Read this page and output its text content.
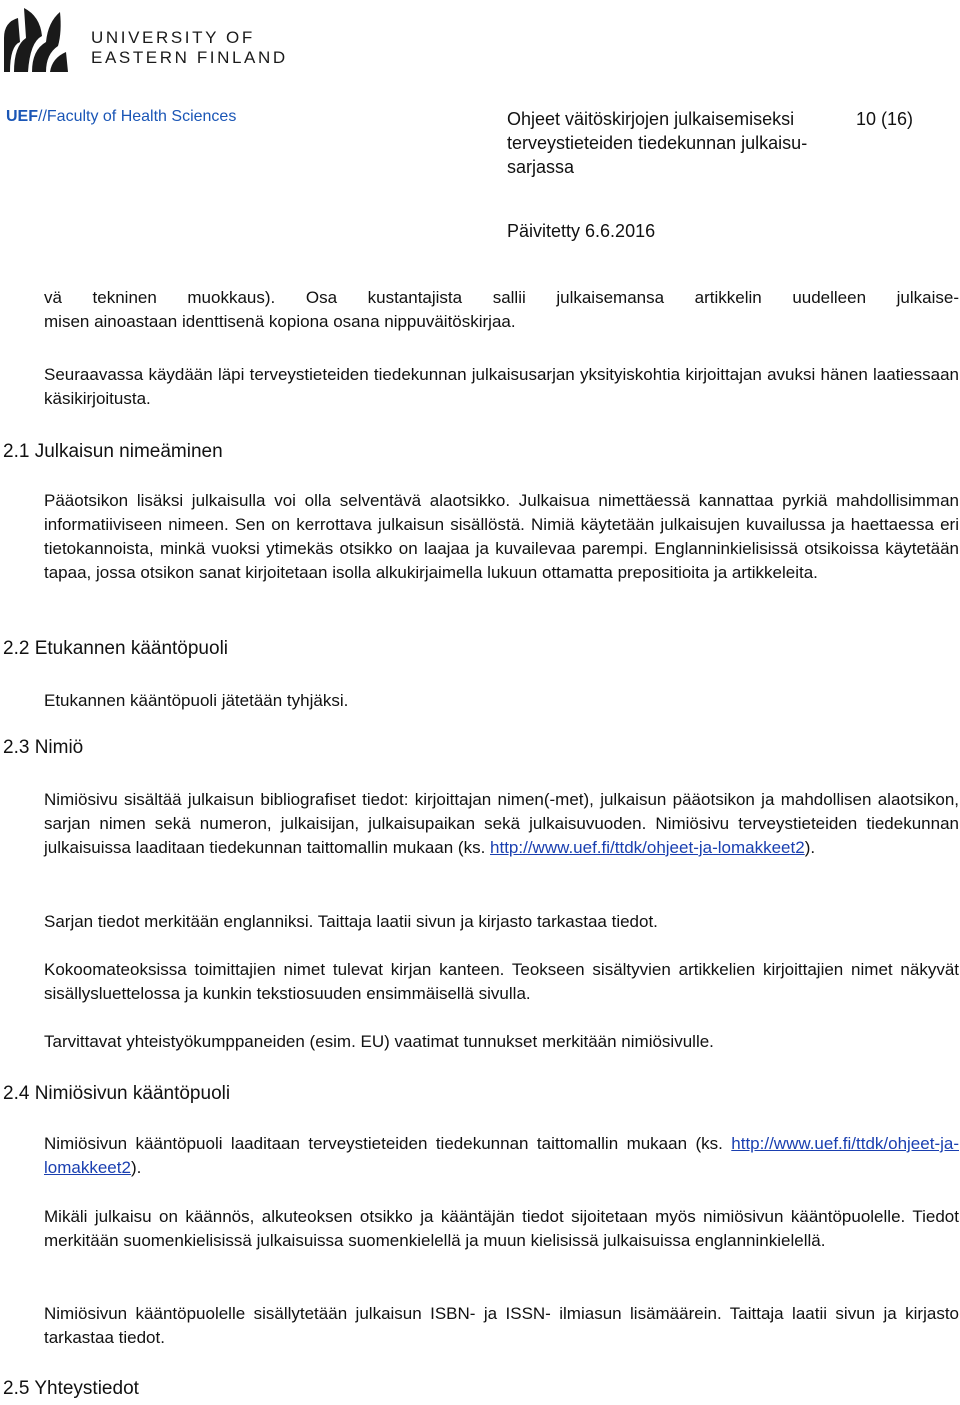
UNIVERSITY OF
EASTERN FINLAND
UEF//Faculty of Health Sciences	Ohjeet väitöskirjojen julkaisemiseksi
terveystieteiden tiedekunnan julkaisu-
sarjassa
10 (16)
Päivitetty 6.6.2016
vä tekninen muokkaus). Osa kustantajista sallii julkaisemansa artikkelin uudelleen julkaise-
misen ainoastaan identtisenä kopiona osana nippuväitöskirjaa.

Seuraavassa käydään läpi terveystieteiden tiedekunnan julkaisusarjan yksityiskohtia kirjoittajan avuksi hänen laatiessaan käsikirjoitusta.

2.1 Julkaisun nimeäminen

Pääotsikon lisäksi julkaisulla voi olla selventävä alaotsikko. Julkaisua nimettäessä kannattaa pyrkiä mahdollisimman informatiiviseen nimeen. Sen on kerrottava julkaisun sisällöstä. Nimiä käytetään julkaisujen kuvailussa ja haettaessa eri tietokannoista, minkä vuoksi ytimekäs otsikko on laajaa ja kuvailevaa parempi. Englanninkielisissä otsikoissa käytetään tapaa, jossa otsikon sanat kirjoitetaan isolla alkukirjaimella lukuun ottamatta prepositioita ja artikkeleita.

2.2 Etukannen kääntöpuoli

Etukannen kääntöpuoli jätetään tyhjäksi.

2.3 Nimiö

Nimiösivu sisältää julkaisun bibliografiset tiedot: kirjoittajan nimen(-met), julkaisun pääotsikon ja mahdollisen alaotsikon, sarjan nimen sekä numeron, julkaisijan, julkaisupaikan sekä julkaisuvuoden. Nimiösivu terveystieteiden tiedekunnan julkaisuissa laaditaan tiedekunnan taittomallin mukaan (ks. http://www.uef.fi/ttdk/ohjeet-ja-lomakkeet2).

Sarjan tiedot merkitään englanniksi. Taittaja laatii sivun ja kirjasto tarkastaa tiedot.

Kokoomateoksissa toimittajien nimet tulevat kirjan kanteen. Teokseen sisältyvien artikkelien kirjoittajien nimet näkyvät sisällysluettelossa ja kunkin tekstiosuuden ensimmäisellä sivulla.

Tarvittavat yhteistyökumppaneiden (esim. EU) vaatimat tunnukset merkitään nimiösivulle.

2.4 Nimiösivun kääntöpuoli

Nimiösivun kääntöpuoli laaditaan terveystieteiden tiedekunnan taittomallin mukaan (ks. http://www.uef.fi/ttdk/ohjeet-ja-lomakkeet2).

Mikäli julkaisu on käännös, alkuteoksen otsikko ja kääntäjän tiedot sijoitetaan myös nimiösivun kääntöpuolelle. Tiedot merkitään suomenkielisissä julkaisuissa suomenkielellä ja muun kielisissä julkaisuissa englanninkielellä.

Nimiösivun kääntöpuolelle sisällytetään julkaisun ISBN- ja ISSN- ilmiasun lisämäärein. Taittaja laatii sivun ja kirjasto tarkastaa tiedot.

2.5 Yhteystiedot
